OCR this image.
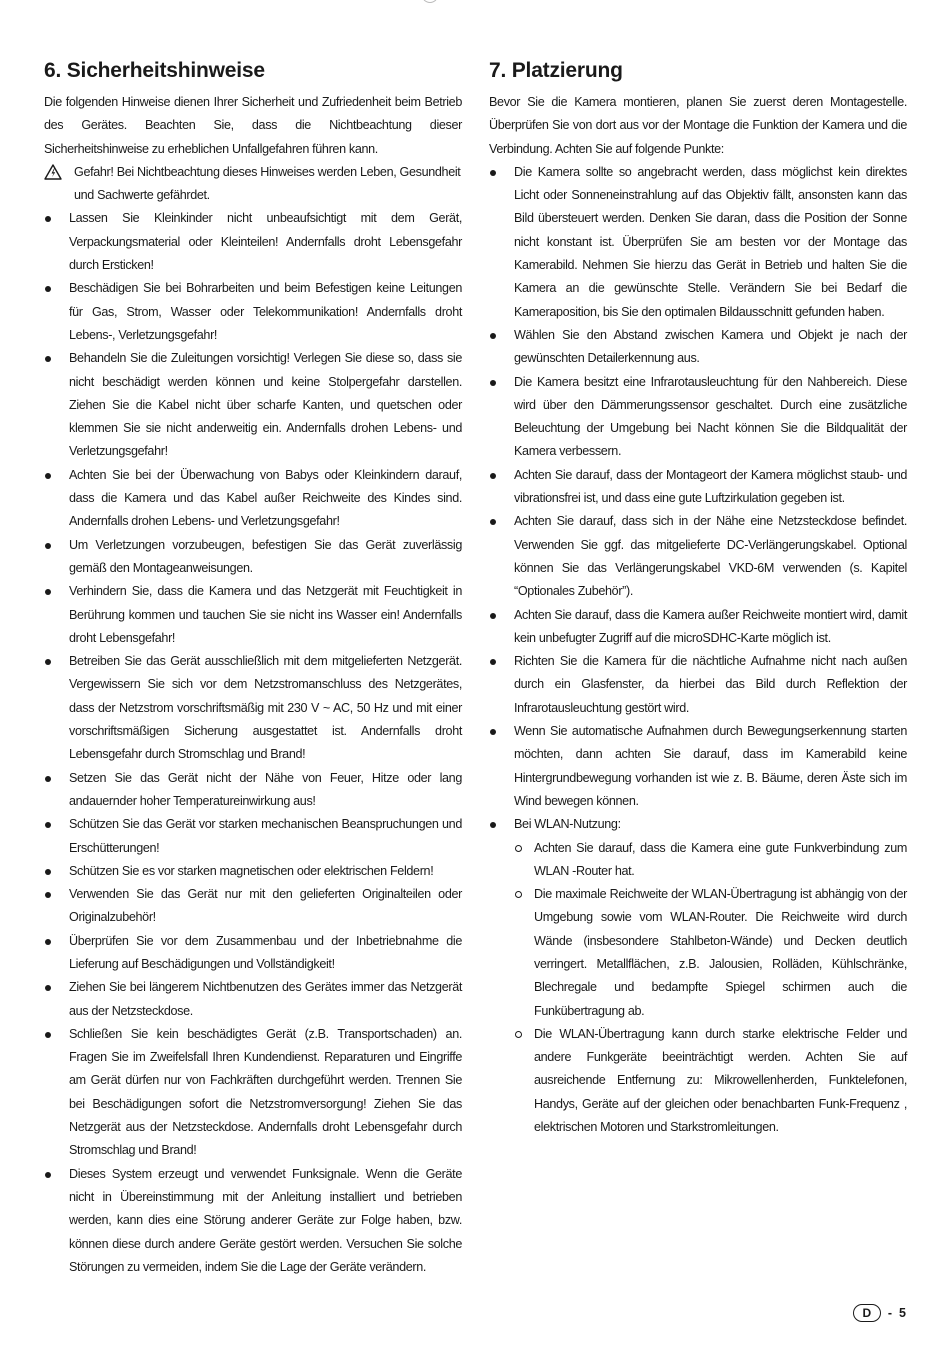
6. Sicherheitshinweise

Die folgenden Hinweise dienen Ihrer Sicherheit und Zufriedenheit beim Betrieb des Gerätes. Beachten Sie, dass die Nichtbeachtung dieser Sicherheitshinweise zu erheblichen Unfallgefahren führen kann.

Gefahr! Bei Nichtbeachtung dieses Hinweises werden Leben, Gesundheit und Sachwerte gefährdet.
Lassen Sie Kleinkinder nicht unbeaufsichtigt mit dem Gerät, Verpackungsmaterial oder Kleinteilen! Andernfalls droht Lebensgefahr durch Ersticken!
Beschädigen Sie bei Bohrarbeiten und beim Befestigen keine Leitungen für Gas, Strom, Wasser oder Telekommunikation! Andernfalls droht Lebens-, Verletzungsgefahr!
Behandeln Sie die Zuleitungen vorsichtig! Verlegen Sie diese so, dass sie nicht beschädigt werden können und keine Stolpergefahr darstellen. Ziehen Sie die Kabel nicht über scharfe Kanten, und quetschen oder klemmen Sie sie nicht anderweitig ein. Andernfalls drohen Lebens- und Verletzungsgefahr!
Achten Sie bei der Überwachung von Babys oder Kleinkindern darauf, dass die Kamera und das Kabel außer Reichweite des Kindes sind. Andernfalls drohen Lebens- und Verletzungsgefahr!
Um Verletzungen vorzubeugen, befestigen Sie das Gerät zuverlässig gemäß den Montageanweisungen.
Verhindern Sie, dass die Kamera und das Netzgerät mit Feuchtigkeit in Berührung kommen und tauchen Sie sie nicht ins Wasser ein! Andernfalls droht Lebensgefahr!
Betreiben Sie das Gerät ausschließlich mit dem mitgelieferten Netzgerät. Vergewissern Sie sich vor dem Netzstromanschluss des Netzgerätes, dass der Netzstrom vorschriftsmäßig mit 230 V ~ AC, 50 Hz und mit einer vorschriftsmäßigen Sicherung ausgestattet ist. Andernfalls droht Lebensgefahr durch Stromschlag und Brand!
Setzen Sie das Gerät nicht der Nähe von Feuer, Hitze oder lang andauernder hoher Temperatureinwirkung aus!
Schützen Sie das Gerät vor starken mechanischen Beanspruchungen und Erschütterungen!
Schützen Sie es vor starken magnetischen oder elektrischen Feldern!
Verwenden Sie das Gerät nur mit den gelieferten Originalteilen oder Originalzubehör!
Überprüfen Sie vor dem Zusammenbau und der Inbetriebnahme die Lieferung auf Beschädigungen und Vollständigkeit!
Ziehen Sie bei längerem Nichtbenutzen des Gerätes immer das Netzgerät aus der Netzsteckdose.
Schließen Sie kein beschädigtes Gerät (z.B. Transportschaden) an. Fragen Sie im Zweifelsfall Ihren Kundendienst. Reparaturen und Eingriffe am Gerät dürfen nur von Fachkräften durchgeführt werden. Trennen Sie bei Beschädigungen sofort die Netzstromversorgung! Ziehen Sie das Netzgerät aus der Netzsteckdose. Andernfalls droht Lebensgefahr durch Stromschlag und Brand!
Dieses System erzeugt und verwendet Funksignale. Wenn die Geräte nicht in Übereinstimmung mit der Anleitung installiert und betrieben werden, kann dies eine Störung anderer Geräte zur Folge haben, bzw. können diese durch andere Geräte gestört werden. Versuchen Sie solche Störungen zu vermeiden, indem Sie die Lage der Geräte verändern.
7. Platzierung

Bevor Sie die Kamera montieren, planen Sie zuerst deren Montagestelle. Überprüfen Sie von dort aus vor der Montage die Funktion der Kamera und die Verbindung. Achten Sie auf folgende Punkte:

Die Kamera sollte so angebracht werden, dass möglichst kein direktes Licht oder Sonneneinstrahlung auf das Objektiv fällt, ansonsten kann das Bild übersteuert werden. Denken Sie daran, dass die Position der Sonne nicht konstant ist. Überprüfen Sie am besten vor der Montage das Kamerabild. Nehmen Sie hierzu das Gerät in Betrieb und halten Sie die Kamera an die gewünschte Stelle. Verändern Sie bei Bedarf die Kameraposition, bis Sie den optimalen Bildausschnitt gefunden haben.
Wählen Sie den Abstand zwischen Kamera und Objekt je nach der gewünschten Detailerkennung aus.
Die Kamera besitzt eine Infrarotausleuchtung für den Nahbereich. Diese wird über den Dämmerungssensor geschaltet. Durch eine zusätzliche Beleuchtung der Umgebung bei Nacht können Sie die Bildqualität der Kamera verbessern.
Achten Sie darauf, dass der Montageort der Kamera möglichst staub- und vibrationsfrei ist, und dass eine gute Luftzirkulation gegeben ist.
Achten Sie darauf, dass sich in der Nähe eine Netzsteckdose befindet. Verwenden Sie ggf. das mitgelieferte DC-Verlängerungskabel. Optional können Sie das Verlängerungskabel VKD-6M verwenden (s. Kapitel “Optionales Zubehör”).
Achten Sie darauf, dass die Kamera außer Reichweite montiert wird, damit kein unbefugter Zugriff auf die microSDHC-Karte möglich ist.
Richten Sie die Kamera für die nächtliche Aufnahme nicht nach außen durch ein Glasfenster, da hierbei das Bild durch Reflektion der Infrarotausleuchtung gestört wird.
Wenn Sie automatische Aufnahmen durch Bewegungserkennung starten möchten, dann achten Sie darauf, dass im Kamerabild keine Hintergrundbewegung vorhanden ist wie z. B. Bäume, deren Äste sich im Wind bewegen können.
Bei WLAN-Nutzung:
Achten Sie darauf, dass die Kamera eine gute Funkverbindung zum WLAN -Router hat.
Die maximale Reichweite der WLAN-Übertragung ist abhängig von der Umgebung sowie vom WLAN-Router. Die Reichweite wird durch Wände (insbesondere Stahlbeton-Wände) und Decken deutlich verringert. Metallflächen, z.B. Jalousien, Rolläden, Kühlschränke, Blechregale und bedampfte Spiegel schirmen auch die Funkübertragung ab.
Die WLAN-Übertragung kann durch starke elektrische Felder und andere Funkgeräte beeinträchtigt werden. Achten Sie auf ausreichende Entfernung zu: Mikrowellenherden, Funktelefonen, Handys, Geräte auf der gleichen oder benachbarten Funk-Frequenz , elektrischen Motoren und Starkstromleitungen.
D	- 5
